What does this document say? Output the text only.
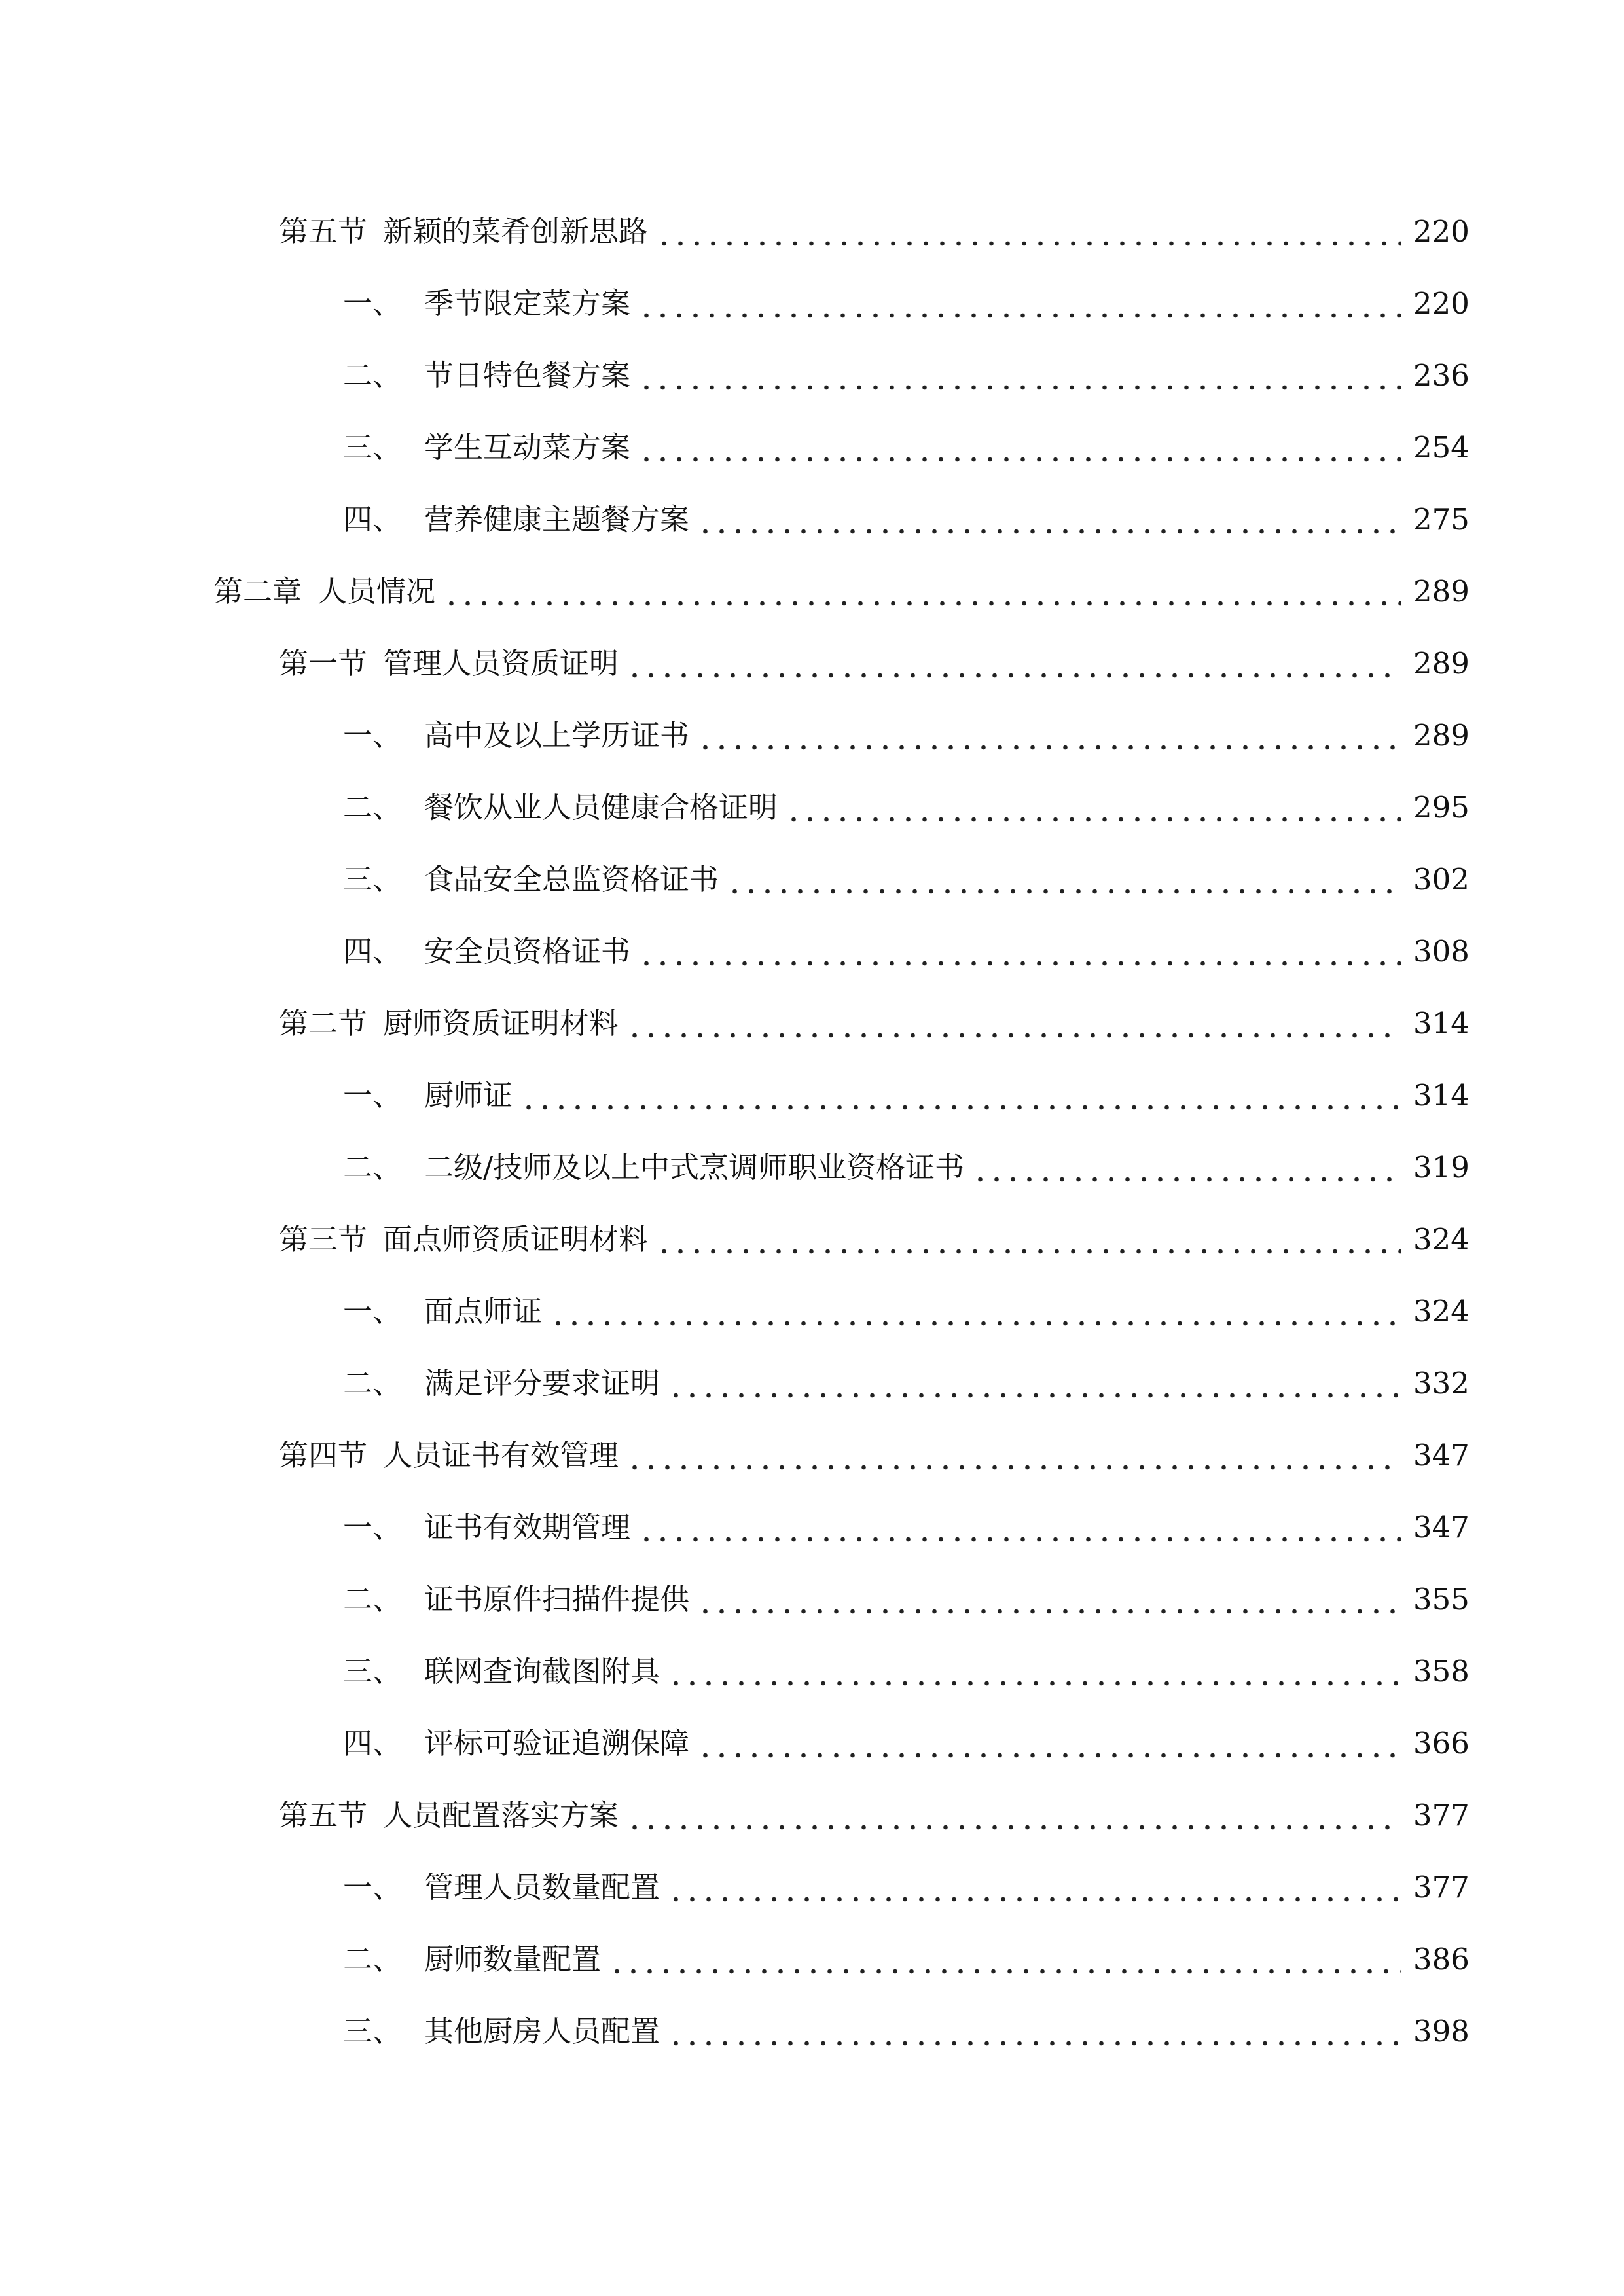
第五节 新颖的菜肴创新思路	220
一、 季节限定菜方案	220
二、 节日特色餐方案	236
三、 学生互动菜方案	254
四、 营养健康主题餐方案	275
第二章 人员情况	289
第一节 管理人员资质证明	289
一、 高中及以上学历证书	289
二、 餐饮从业人员健康合格证明	295
三、 食品安全总监资格证书	302
四、 安全员资格证书	308
第二节 厨师资质证明材料	314
一、 厨师证	314
二、 二级/技师及以上中式烹调师职业资格证书	319
第三节 面点师资质证明材料	324
一、 面点师证	324
二、 满足评分要求证明	332
第四节 人员证书有效管理	347
一、 证书有效期管理	347
二、 证书原件扫描件提供	355
三、 联网查询截图附具	358
四、 评标可验证追溯保障	366
第五节 人员配置落实方案	377
一、 管理人员数量配置	377
二、 厨师数量配置	386
三、 其他厨房人员配置	398
